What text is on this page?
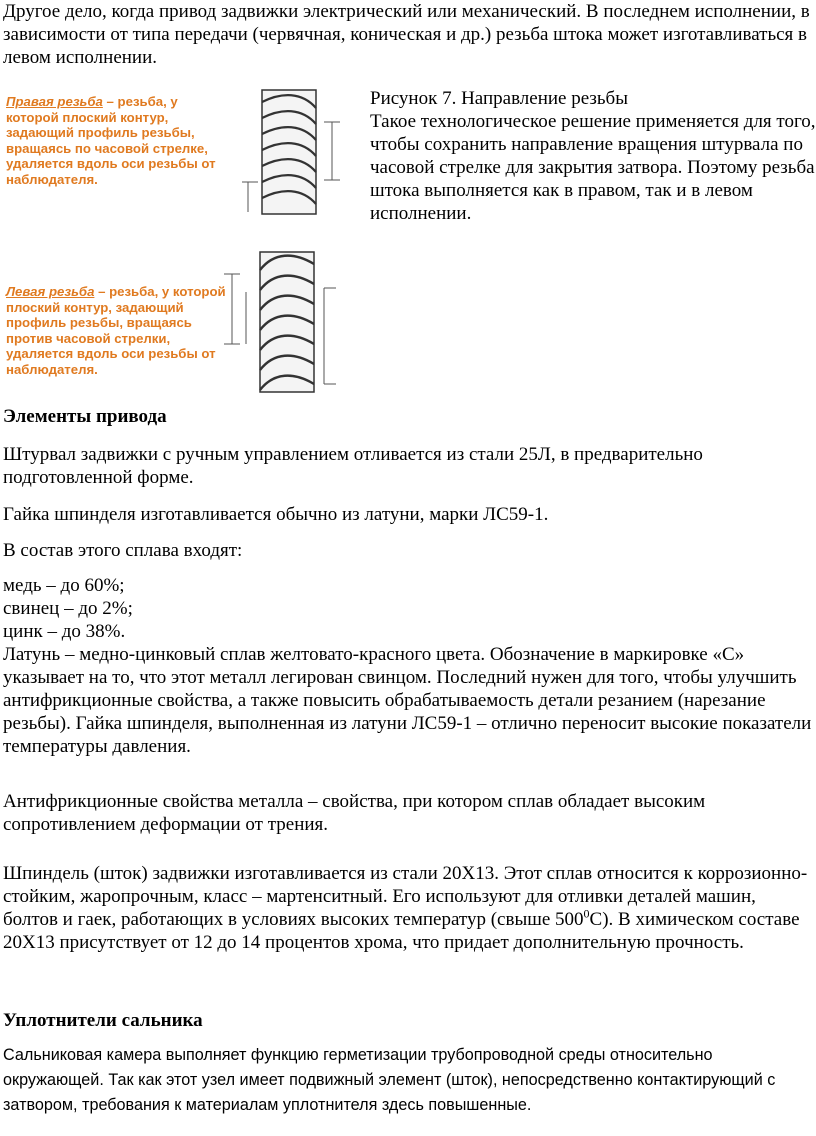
Другое дело, когда привод задвижки электрический или механический. В последнем исполнении, в зависимости от типа передачи (червячная, коническая и др.) резьба штока может изготавливаться в левом исполнении.

Правая резьба – резьба, у которой плоский контур, задающий профиль резьбы, вращаясь по часовой стрелке, удаляется вдоль оси резьбы от наблюдателя.
Левая резьба – резьба, у которой плоский контур, задающий профиль резьбы, вращаясь против часовой стрелки, удаляется вдоль оси резьбы от наблюдателя.

Рисунок 7. Направление резьбы

Такое технологическое решение применяется для того, чтобы сохранить направление вращения штурвала по часовой стрелке для закрытия затвора. Поэтому резьба штока выполняется как в правом, так и в левом исполнении.

Элементы привода

Штурвал задвижки с ручным управлением отливается из стали 25Л, в предварительно подготовленной форме.

Гайка шпинделя изготавливается обычно из латуни, марки ЛС59-1.

В состав этого сплава входят:

медь – до 60%;

свинец – до 2%;

цинк – до 38%.

Латунь – медно-цинковый сплав желтовато-красного цвета. Обозначение в маркировке «С» указывает на то, что этот металл легирован свинцом. Последний нужен для того, чтобы улучшить антифрикционные свойства, а также повысить обрабатываемость детали резанием (нарезание резьбы). Гайка шпинделя, выполненная из латуни ЛС59-1 – отлично переносит высокие показатели температуры давления.

Антифрикционные свойства металла – свойства, при котором сплав обладает высоким сопротивлением деформации от трения.

Шпиндель (шток) задвижки изготавливается из стали 20Х13. Этот сплав относится к коррозионно-стойким, жаропрочным, класс – мартенситный. Его используют для отливки деталей машин, болтов и гаек, работающих в условиях высоких температур (свыше $500^0С$). В химическом составе 20Х13 присутствует от 12 до 14 процентов хрома, что придает дополнительную прочность.

Уплотнители сальника

Сальниковая камера выполняет функцию герметизации трубопроводной среды относительно окружающей. Так как этот узел имеет подвижный элемент (шток), непосредственно контактирующий с затвором, требования к материалам уплотнителя здесь повышенные.
